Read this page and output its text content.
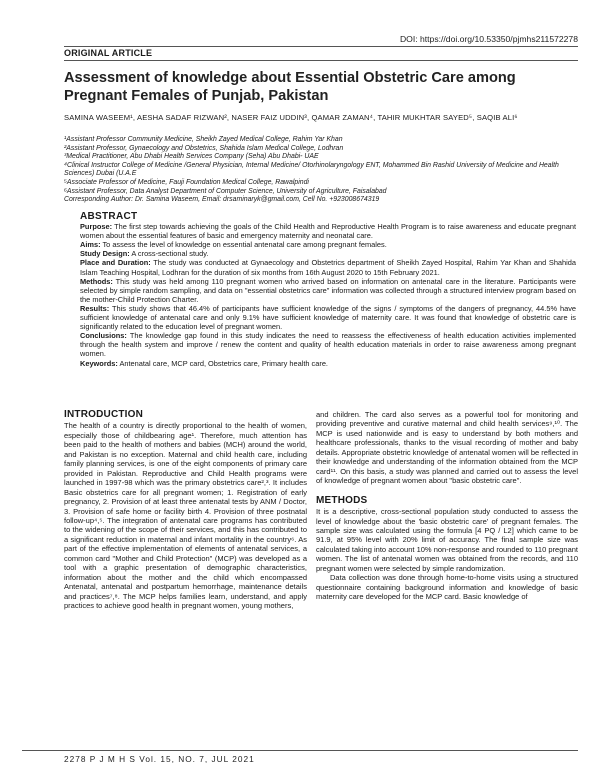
DOI: https://doi.org/10.53350/pjmhs211572278
ORIGINAL ARTICLE
Assessment of knowledge about Essential Obstetric Care among Pregnant Females of Punjab, Pakistan
SAMINA WASEEM¹, AESHA SADAF RIZWAN², NASER FAIZ UDDIN³, QAMAR ZAMAN⁴, TAHIR MUKHTAR SAYED⁵, SAQIB ALI⁶
¹Assistant Professor Community Medicine, Sheikh Zayed Medical College, Rahim Yar Khan
²Assistant Professor, Gynaecology and Obstetrics, Shahida Islam Medical College, Lodhran
³Medical Practitioner, Abu Dhabi Health Services Company (Seha) Abu Dhabi- UAE
⁴Clinical Instructor College of Medicine /General Physician, Internal Medicine/ Otorhinolaryngology ENT, Mohammed Bin Rashid University of Medicine and Health Sciences) Dubai (U.A.E
⁵Associate Professor of Medicine, Fauji Foundation Medical College, Rawalpindi
⁶Assistant Professor, Data Analyst Department of Computer Science, University of Agriculture, Faisalabad
Corresponding Author: Dr. Samina Waseem, Email: drsaminaryk@gmail.com, Cell No. +923008674319
ABSTRACT

Purpose: The first step towards achieving the goals of the Child Health and Reproductive Health Program is to raise awareness and educate pregnant women about the essential features of basic and emergency maternity and neonatal care.

Aims: To assess the level of knowledge on essential antenatal care among pregnant females.

Study Design: A cross-sectional study.

Place and Duration: The study was conducted at Gynaecology and Obstetrics department of Sheikh Zayed Hospital, Rahim Yar Khan and Shahida Islam Teaching Hospital, Lodhran for the duration of six months from 16th August 2020 to 15th February 2021.

Methods: This study was held among 110 pregnant women who arrived based on information on antenatal care in the literature. Participants were selected by simple random sampling, and data on "essential obstetrics care" information was collected through a structured interview program based on the mother-Child Protection Charter.

Results: This study shows that 46.4% of participants have sufficient knowledge of the signs / symptoms of the dangers of pregnancy, 44.5% have sufficient knowledge of antenatal care and only 9.1% have sufficient knowledge of maternity care. It was found that knowledge of obstetric care is significantly related to the education level of pregnant women.

Conclusions: The knowledge gap found in this study indicates the need to reassess the effectiveness of health education activities implemented through the health system and improve / renew the content and quality of health education materials in order to raise awareness among pregnant women.

Keywords: Antenatal care, MCP card, Obstetrics care, Primary health care.

INTRODUCTION

The health of a country is directly proportional to the health of women, especially those of childbearing age¹. Therefore, much attention has been paid to the health of mothers and babies (MCH) around the world, and Pakistan is no exception. Maternal and child health care, including family planning services, is one of the eight components of primary care provided in Pakistan. Reproductive and Child Health programs were launched in 1997-98 which was the primary obstetrics care²,³. It includes Basic obstetrics care for all pregnant women; 1. Registration of early pregnancy, 2. Provision of at least three antenatal tests by ANM / Doctor, 3. Provision of safe home or facility birth 4. Provision of three postnatal follow-up⁴,⁵. The integration of antenatal care programs has contributed to the widening of the scope of their services, and this has contributed to a significant reduction in maternal and infant mortality in the country⁶. As part of the effective implementation of elements of antenatal services, a common card "Mother and Child Protection" (MCP) was developed as a tool with a graphic presentation of demographic characteristics, information about the mother and the child which encompassed Antenatal, antenatal and postpartum hemorrhage, maintenance details and practices⁷,⁸. The MCP helps families learn, understand, and apply practices to achieve good health in pregnant women, young mothers,

and children. The card also serves as a powerful tool for monitoring and providing preventive and curative maternal and child health services⁹,¹⁰. The MCP is used nationwide and is easy to understand by both mothers and healthcare professionals, thanks to the visual recording of mother and baby details. Appropriate obstetric knowledge of antenatal women will be reflected in their knowledge and understanding of the information obtained from the MCP card¹¹. On this basis, a study was planned and carried out to assess the level of knowledge of pregnant women about "basic obstetric care".

METHODS

It is a descriptive, cross-sectional population study conducted to assess the level of knowledge about the 'basic obstetric care' of pregnant females. The sample size was calculated using the formula [4 PQ / L2] which came to be 91.9, at 95% level with 20% limit of accuracy. The final sample size was calculated taking into account 10% non-response and rounded to 110 pregnant women. The list of antenatal women was obtained from the records, and 110 pregnant women were selected by simple randomization.

Data collection was done through home-to-home visits using a structured questionnaire containing background information and knowledge of basic maternity care developed for the MCP card. Basic knowledge of

2278 P J M H S Vol. 15, NO. 7, JUL 2021
